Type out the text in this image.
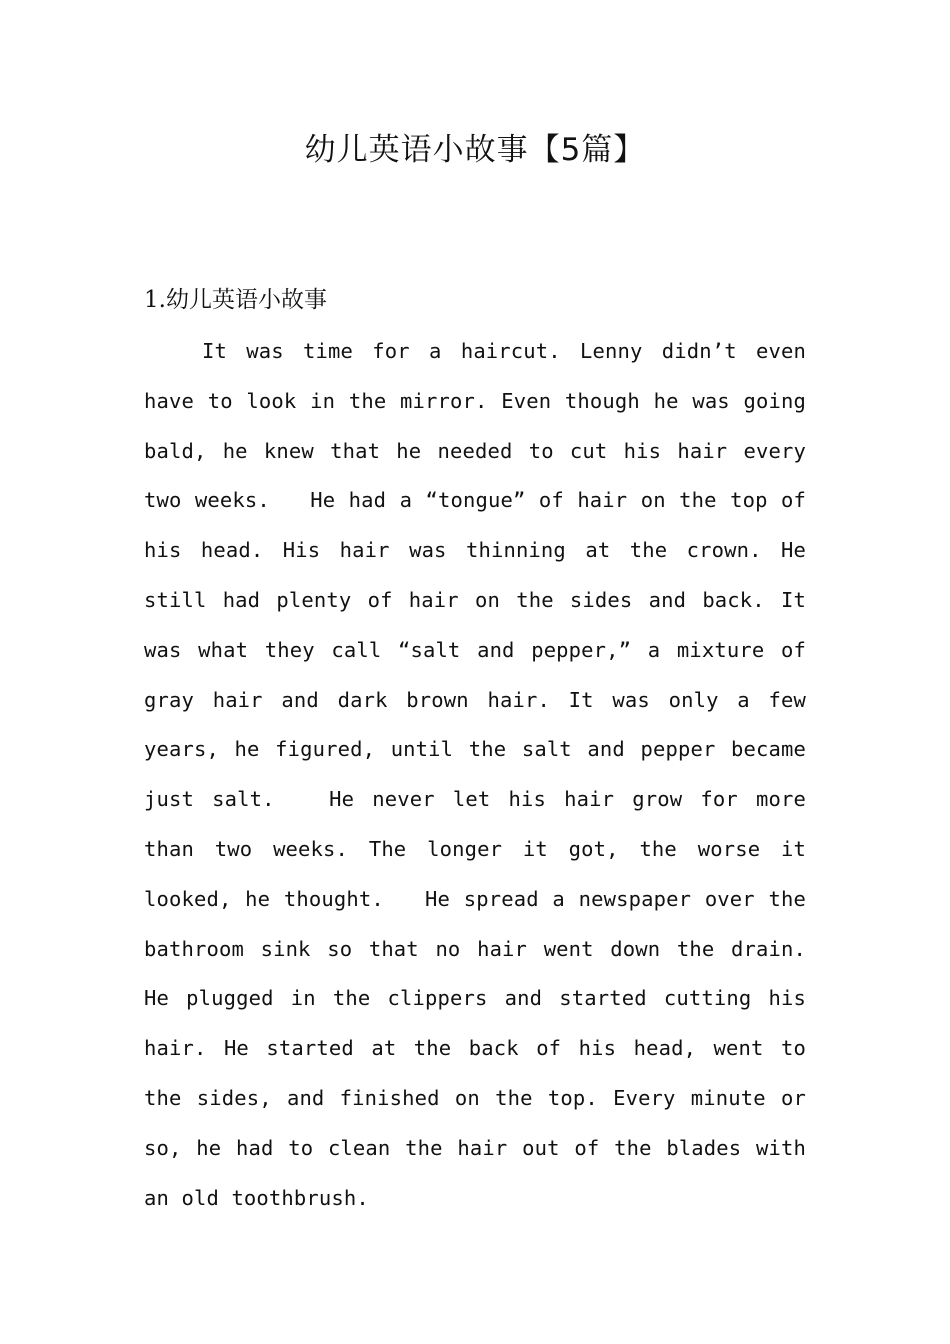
幼儿英语小故事【5篇】
1.幼儿英语小故事

It was time for a haircut. Lenny didn’t even have to look in the mirror. Even though he was going bald, he knew that he needed to cut his hair every two weeks.   He had a “tongue” of hair on the top of his head. His hair was thinning at the crown. He still had plenty of hair on the sides and back. It was what they call “salt and pepper,” a mixture of gray hair and dark brown hair. It was only a few years, he figured, until the salt and pepper became just salt.   He never let his hair grow for more than two weeks. The longer it got, the worse it looked, he thought.   He spread a newspaper over the bathroom sink so that no hair went down the drain. He plugged in the clippers and started cutting his hair. He started at the back of his head, went to the sides, and finished on the top. Every minute or so, he had to clean the hair out of the blades with an old toothbrush.
